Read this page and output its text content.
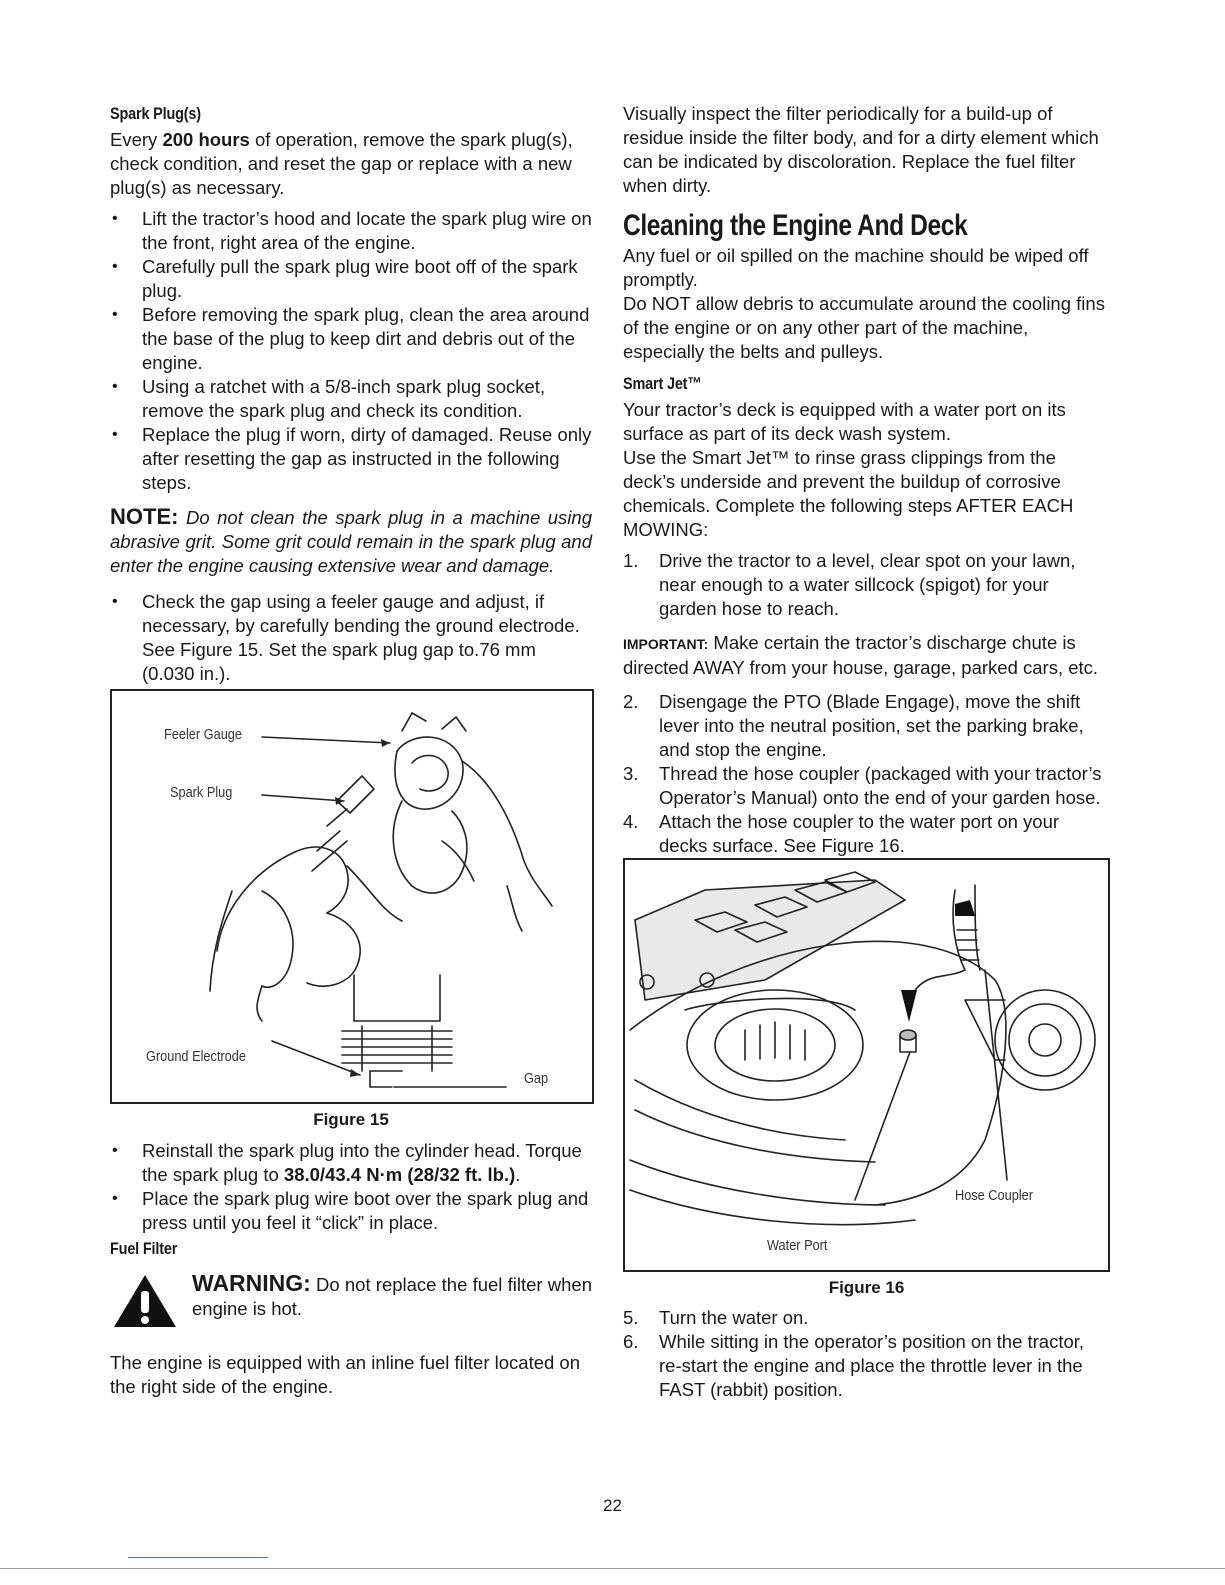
Spark Plug(s)

Every 200 hours of operation, remove the spark plug(s), check condition, and reset the gap or replace with a new plug(s) as necessary.

• Lift the tractor’s hood and locate the spark plug wire on the front, right area of the engine.
• Carefully pull the spark plug wire boot off of the spark plug.
• Before removing the spark plug, clean the area around the base of the plug to keep dirt and debris out of the engine.
• Using a ratchet with a 5/8-inch spark plug socket, remove the spark plug and check its condition.
• Replace the plug if worn, dirty of damaged. Reuse only after resetting the gap as instructed in the following steps.

NOTE: Do not clean the spark plug in a machine using abrasive grit. Some grit could remain in the spark plug and enter the engine causing extensive wear and damage.

• Check the gap using a feeler gauge and adjust, if necessary, by carefully bending the ground electrode. See Figure 15. Set the spark plug gap to.76 mm (0.030 in.).
Feeler Gauge
Spark Plug
Ground Electrode
Gap
Figure 15
• Reinstall the spark plug into the cylinder head. Torque the spark plug to 38.0/43.4 N·m (28/32 ft. lb.).
• Place the spark plug wire boot over the spark plug and press until you feel it “click” in place.
Fuel Filter
WARNING: Do not replace the fuel filter when engine is hot.

The engine is equipped with an inline fuel filter located on the right side of the engine.

Visually inspect the filter periodically for a build-up of residue inside the filter body, and for a dirty element which can be indicated by discoloration. Replace the fuel filter when dirty.

Cleaning the Engine And Deck

Any fuel or oil spilled on the machine should be wiped off promptly.

Do NOT allow debris to accumulate around the cooling fins of the engine or on any other part of the machine, especially the belts and pulleys.

Smart Jet™

Your tractor’s deck is equipped with a water port on its surface as part of its deck wash system.

Use the Smart Jet™ to rinse grass clippings from the deck’s underside and prevent the buildup of corrosive chemicals. Complete the following steps AFTER EACH MOWING:

1. Drive the tractor to a level, clear spot on your lawn, near enough to a water sillcock (spigot) for your garden hose to reach.

IMPORTANT: Make certain the tractor’s discharge chute is directed AWAY from your house, garage, parked cars, etc.

2. Disengage the PTO (Blade Engage), move the shift lever into the neutral position, set the parking brake, and stop the engine.
3. Thread the hose coupler (packaged with your tractor’s Operator’s Manual) onto the end of your garden hose.
4. Attach the hose coupler to the water port on your decks surface. See Figure 16.
Hose Coupler
Water Port
Figure 16
5. Turn the water on.
6. While sitting in the operator’s position on the tractor, re-start the engine and place the throttle lever in the FAST (rabbit) position.
22
